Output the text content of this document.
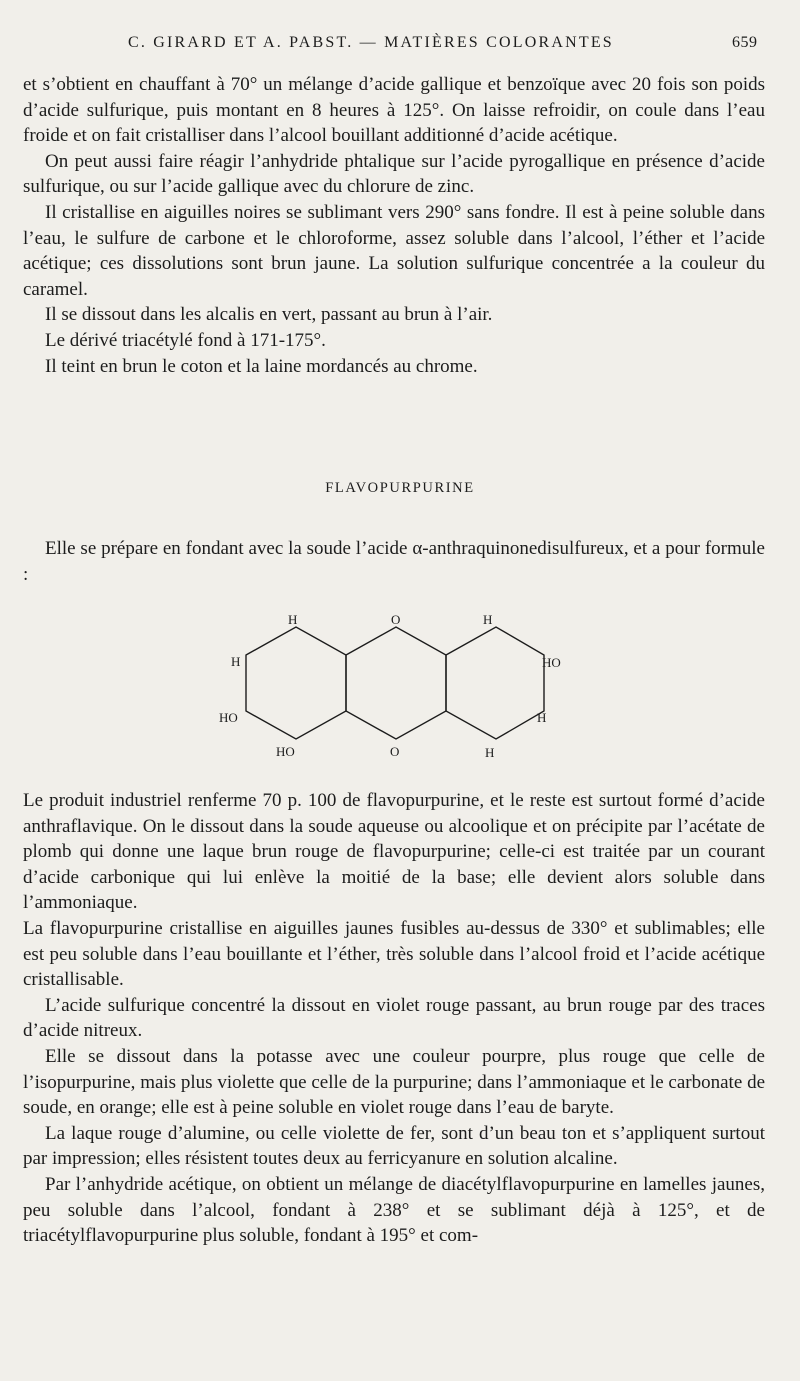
C. GIRARD ET A. PABST. — MATIÈRES COLORANTES	659

et s’obtient en chauffant à 70° un mélange d’acide gallique et benzoïque avec 20 fois son poids d’acide sulfurique, puis montant en 8 heures à 125°. On laisse refroidir, on coule dans l’eau froide et on fait cristalliser dans l’alcool bouillant additionné d’acide acétique.

On peut aussi faire réagir l’anhydride phtalique sur l’acide pyrogallique en présence d’acide sulfurique, ou sur l’acide gallique avec du chlorure de zinc.

Il cristallise en aiguilles noires se sublimant vers 290° sans fondre. Il est à peine soluble dans l’eau, le sulfure de carbone et le chloroforme, assez soluble dans l’alcool, l’éther et l’acide acétique; ces dissolutions sont brun jaune. La solution sulfurique concentrée a la couleur du caramel.

Il se dissout dans les alcalis en vert, passant au brun à l’air.

Le dérivé triacétylé fond à 171-175°.

Il teint en brun le coton et la laine mordancés au chrome.

FLAVOPURPURINE

Elle se prépare en fondant avec la soude l’acide α-anthraquinonedisulfureux, et a pour formule :

H	O	H
H	HO
HO	H
HO	O	H

Le produit industriel renferme 70 p. 100 de flavopurpurine, et le reste est surtout formé d’acide anthraflavique. On le dissout dans la soude aqueuse ou alcoolique et on précipite par l’acétate de plomb qui donne une laque brun rouge de flavopurpurine; celle-ci est traitée par un courant d’acide carbonique qui lui enlève la moitié de la base; elle devient alors soluble dans l’ammoniaque.

La flavopurpurine cristallise en aiguilles jaunes fusibles au-dessus de 330° et sublimables; elle est peu soluble dans l’eau bouillante et l’éther, très soluble dans l’alcool froid et l’acide acétique cristallisable.

L’acide sulfurique concentré la dissout en violet rouge passant, au brun rouge par des traces d’acide nitreux.

Elle se dissout dans la potasse avec une couleur pourpre, plus rouge que celle de l’isopurpurine, mais plus violette que celle de la purpurine; dans l’ammoniaque et le carbonate de soude, en orange; elle est à peine soluble en violet rouge dans l’eau de baryte.

La laque rouge d’alumine, ou celle violette de fer, sont d’un beau ton et s’appliquent surtout par impression; elles résistent toutes deux au ferricyanure en solution alcaline.

Par l’anhydride acétique, on obtient un mélange de diacétylflavopurpurine en lamelles jaunes, peu soluble dans l’alcool, fondant à 238° et se sublimant déjà à 125°, et de triacétylflavopurpurine plus soluble, fondant à 195° et com-
